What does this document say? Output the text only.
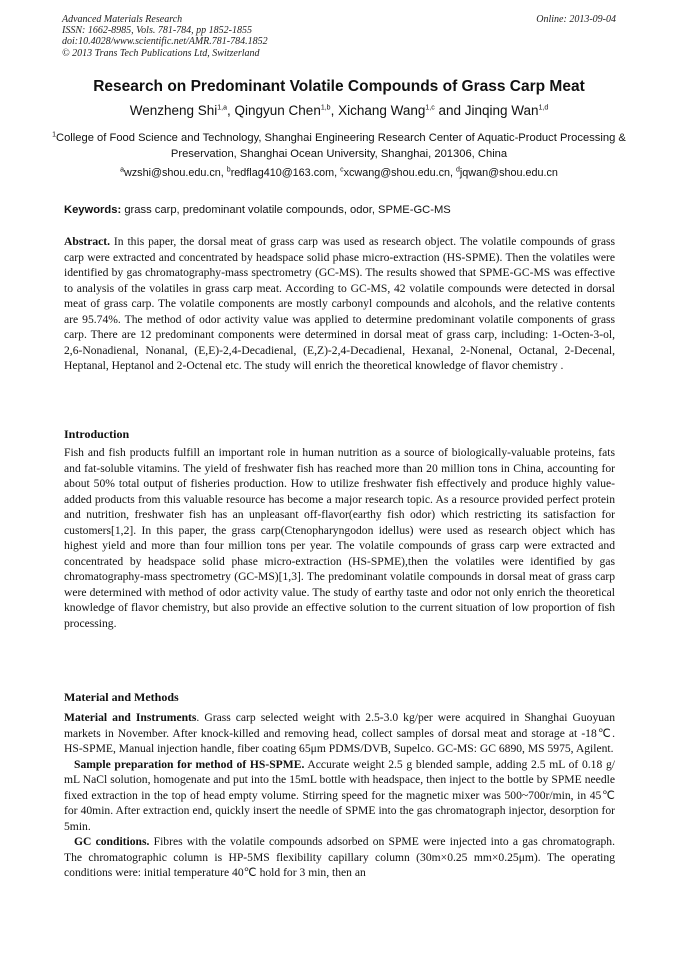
Advanced Materials Research
ISSN: 1662-8985, Vols. 781-784, pp 1852-1855
doi:10.4028/www.scientific.net/AMR.781-784.1852
© 2013 Trans Tech Publications Ltd, Switzerland
Online: 2013-09-04
Research on Predominant Volatile Compounds of Grass Carp Meat
Wenzheng Shi$^{1,a}$, Qingyun Chen$^{1,b}$, Xichang Wang$^{1,c}$ and Jinqing Wan$^{1,d}$
$^1$College of Food Science and Technology, Shanghai Engineering Research Center of Aquatic-Product Processing & Preservation, Shanghai Ocean University, Shanghai, 201306, China
$^a$wzshi@shou.edu.cn, $^b$redflag410@163.com, $^c$xcwang@shou.edu.cn, $^d$jqwan@shou.edu.cn
Keywords: grass carp, predominant volatile compounds, odor, SPME-GC-MS
Abstract. In this paper, the dorsal meat of grass carp was used as research object. The volatile compounds of grass carp were extracted and concentrated by headspace solid phase micro-extraction (HS-SPME). Then the volatiles were identified by gas chromatography-mass spectrometry (GC-MS). The results showed that SPME-GC-MS was effective to analysis of the volatiles in grass carp meat. According to GC-MS, 42 volatile compounds were detected in dorsal meat of grass carp. The volatile components are mostly carbonyl compounds and alcohols, and the relative contents are 95.74%. The method of odor activity value was applied to determine predominant volatile components of grass carp. There are 12 predominant components were determined in dorsal meat of grass carp, including: 1-Octen-3-ol, 2,6-Nonadienal, Nonanal, (E,E)-2,4-Decadienal, (E,Z)-2,4-Decadienal, Hexanal, 2-Nonenal, Octanal, 2-Decenal, Heptanal, Heptanol and 2-Octenal etc. The study will enrich the theoretical knowledge of flavor chemistry .
Introduction
Fish and fish products fulfill an important role in human nutrition as a source of biologically-valuable proteins, fats and fat-soluble vitamins. The yield of freshwater fish has reached more than 20 million tons in China, accounting for about 50% total output of fisheries production. How to utilize freshwater fish effectively and produce highly value-added products from this valuable resource has become a major research topic. As a resource provided perfect protein and nutrition, freshwater fish has an unpleasant off-flavor(earthy fish odor) which restricting its satisfaction for customers[1,2]. In this paper, the grass carp(Ctenopharyngodon idellus) were used as research object which has highest yield and more than four million tons per year. The volatile compounds of grass carp were extracted and concentrated by headspace solid phase micro-extraction (HS-SPME),then the volatiles were identified by gas chromatography-mass spectrometry (GC-MS)[1,3]. The predominant volatile compounds in dorsal meat of grass carp were determined with method of odor activity value. The study of earthy taste and odor not only enrich the theoretical knowledge of flavor chemistry, but also provide an effective solution to the current situation of low proportion of fish processing.
Material and Methods

Material and Instruments. Grass carp selected weight with 2.5-3.0 kg/per were acquired in Shanghai Guoyuan markets in November. After knock-killed and removing head, collect samples of dorsal meat and storage at -18℃. HS-SPME, Manual injection handle, fiber coating 65μm PDMS/DVB, Supelco. GC-MS: GC 6890, MS 5975, Agilent.

Sample preparation for method of HS-SPME. Accurate weight 2.5 g blended sample, adding 2.5 mL of 0.18 g/ mL NaCl solution, homogenate and put into the 15mL bottle with headspace, then inject to the bottle by SPME needle fixed extraction in the top of head empty volume. Stirring speed for the magnetic mixer was 500~700r/min, in 45℃ for 40min. After extraction end, quickly insert the needle of SPME into the gas chromatograph injector, desorption for 5min.

GC conditions. Fibres with the volatile compounds adsorbed on SPME were injected into a gas chromatograph. The chromatographic column is HP-5MS flexibility capillary column (30m×0.25 mm×0.25μm). The operating conditions were: initial temperature 40℃ hold for 3 min, then an
